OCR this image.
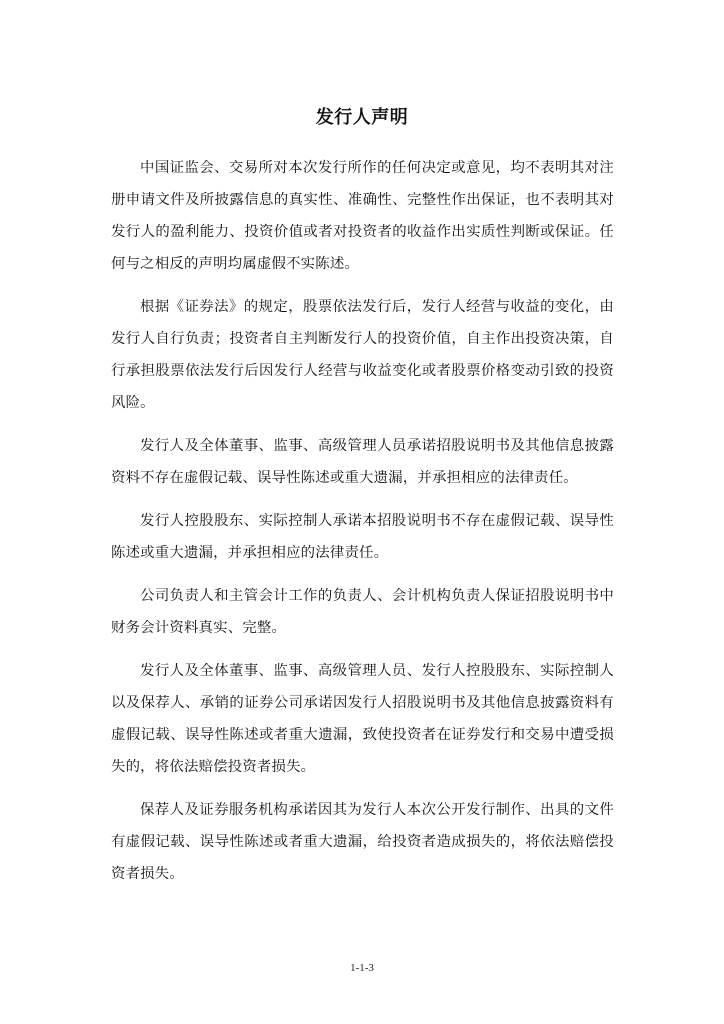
发行人声明

中国证监会、交易所对本次发行所作的任何决定或意见，均不表明其对注册申请文件及所披露信息的真实性、准确性、完整性作出保证，也不表明其对发行人的盈利能力、投资价值或者对投资者的收益作出实质性判断或保证。任何与之相反的声明均属虚假不实陈述。

根据《证券法》的规定，股票依法发行后，发行人经营与收益的变化，由发行人自行负责；投资者自主判断发行人的投资价值，自主作出投资决策，自行承担股票依法发行后因发行人经营与收益变化或者股票价格变动引致的投资风险。

发行人及全体董事、监事、高级管理人员承诺招股说明书及其他信息披露资料不存在虚假记载、误导性陈述或重大遗漏，并承担相应的法律责任。

发行人控股股东、实际控制人承诺本招股说明书不存在虚假记载、误导性陈述或重大遗漏，并承担相应的法律责任。

公司负责人和主管会计工作的负责人、会计机构负责人保证招股说明书中财务会计资料真实、完整。

发行人及全体董事、监事、高级管理人员、发行人控股股东、实际控制人以及保荐人、承销的证券公司承诺因发行人招股说明书及其他信息披露资料有虚假记载、误导性陈述或者重大遗漏，致使投资者在证券发行和交易中遭受损失的，将依法赔偿投资者损失。

保荐人及证券服务机构承诺因其为发行人本次公开发行制作、出具的文件有虚假记载、误导性陈述或者重大遗漏，给投资者造成损失的，将依法赔偿投资者损失。

1-1-3
